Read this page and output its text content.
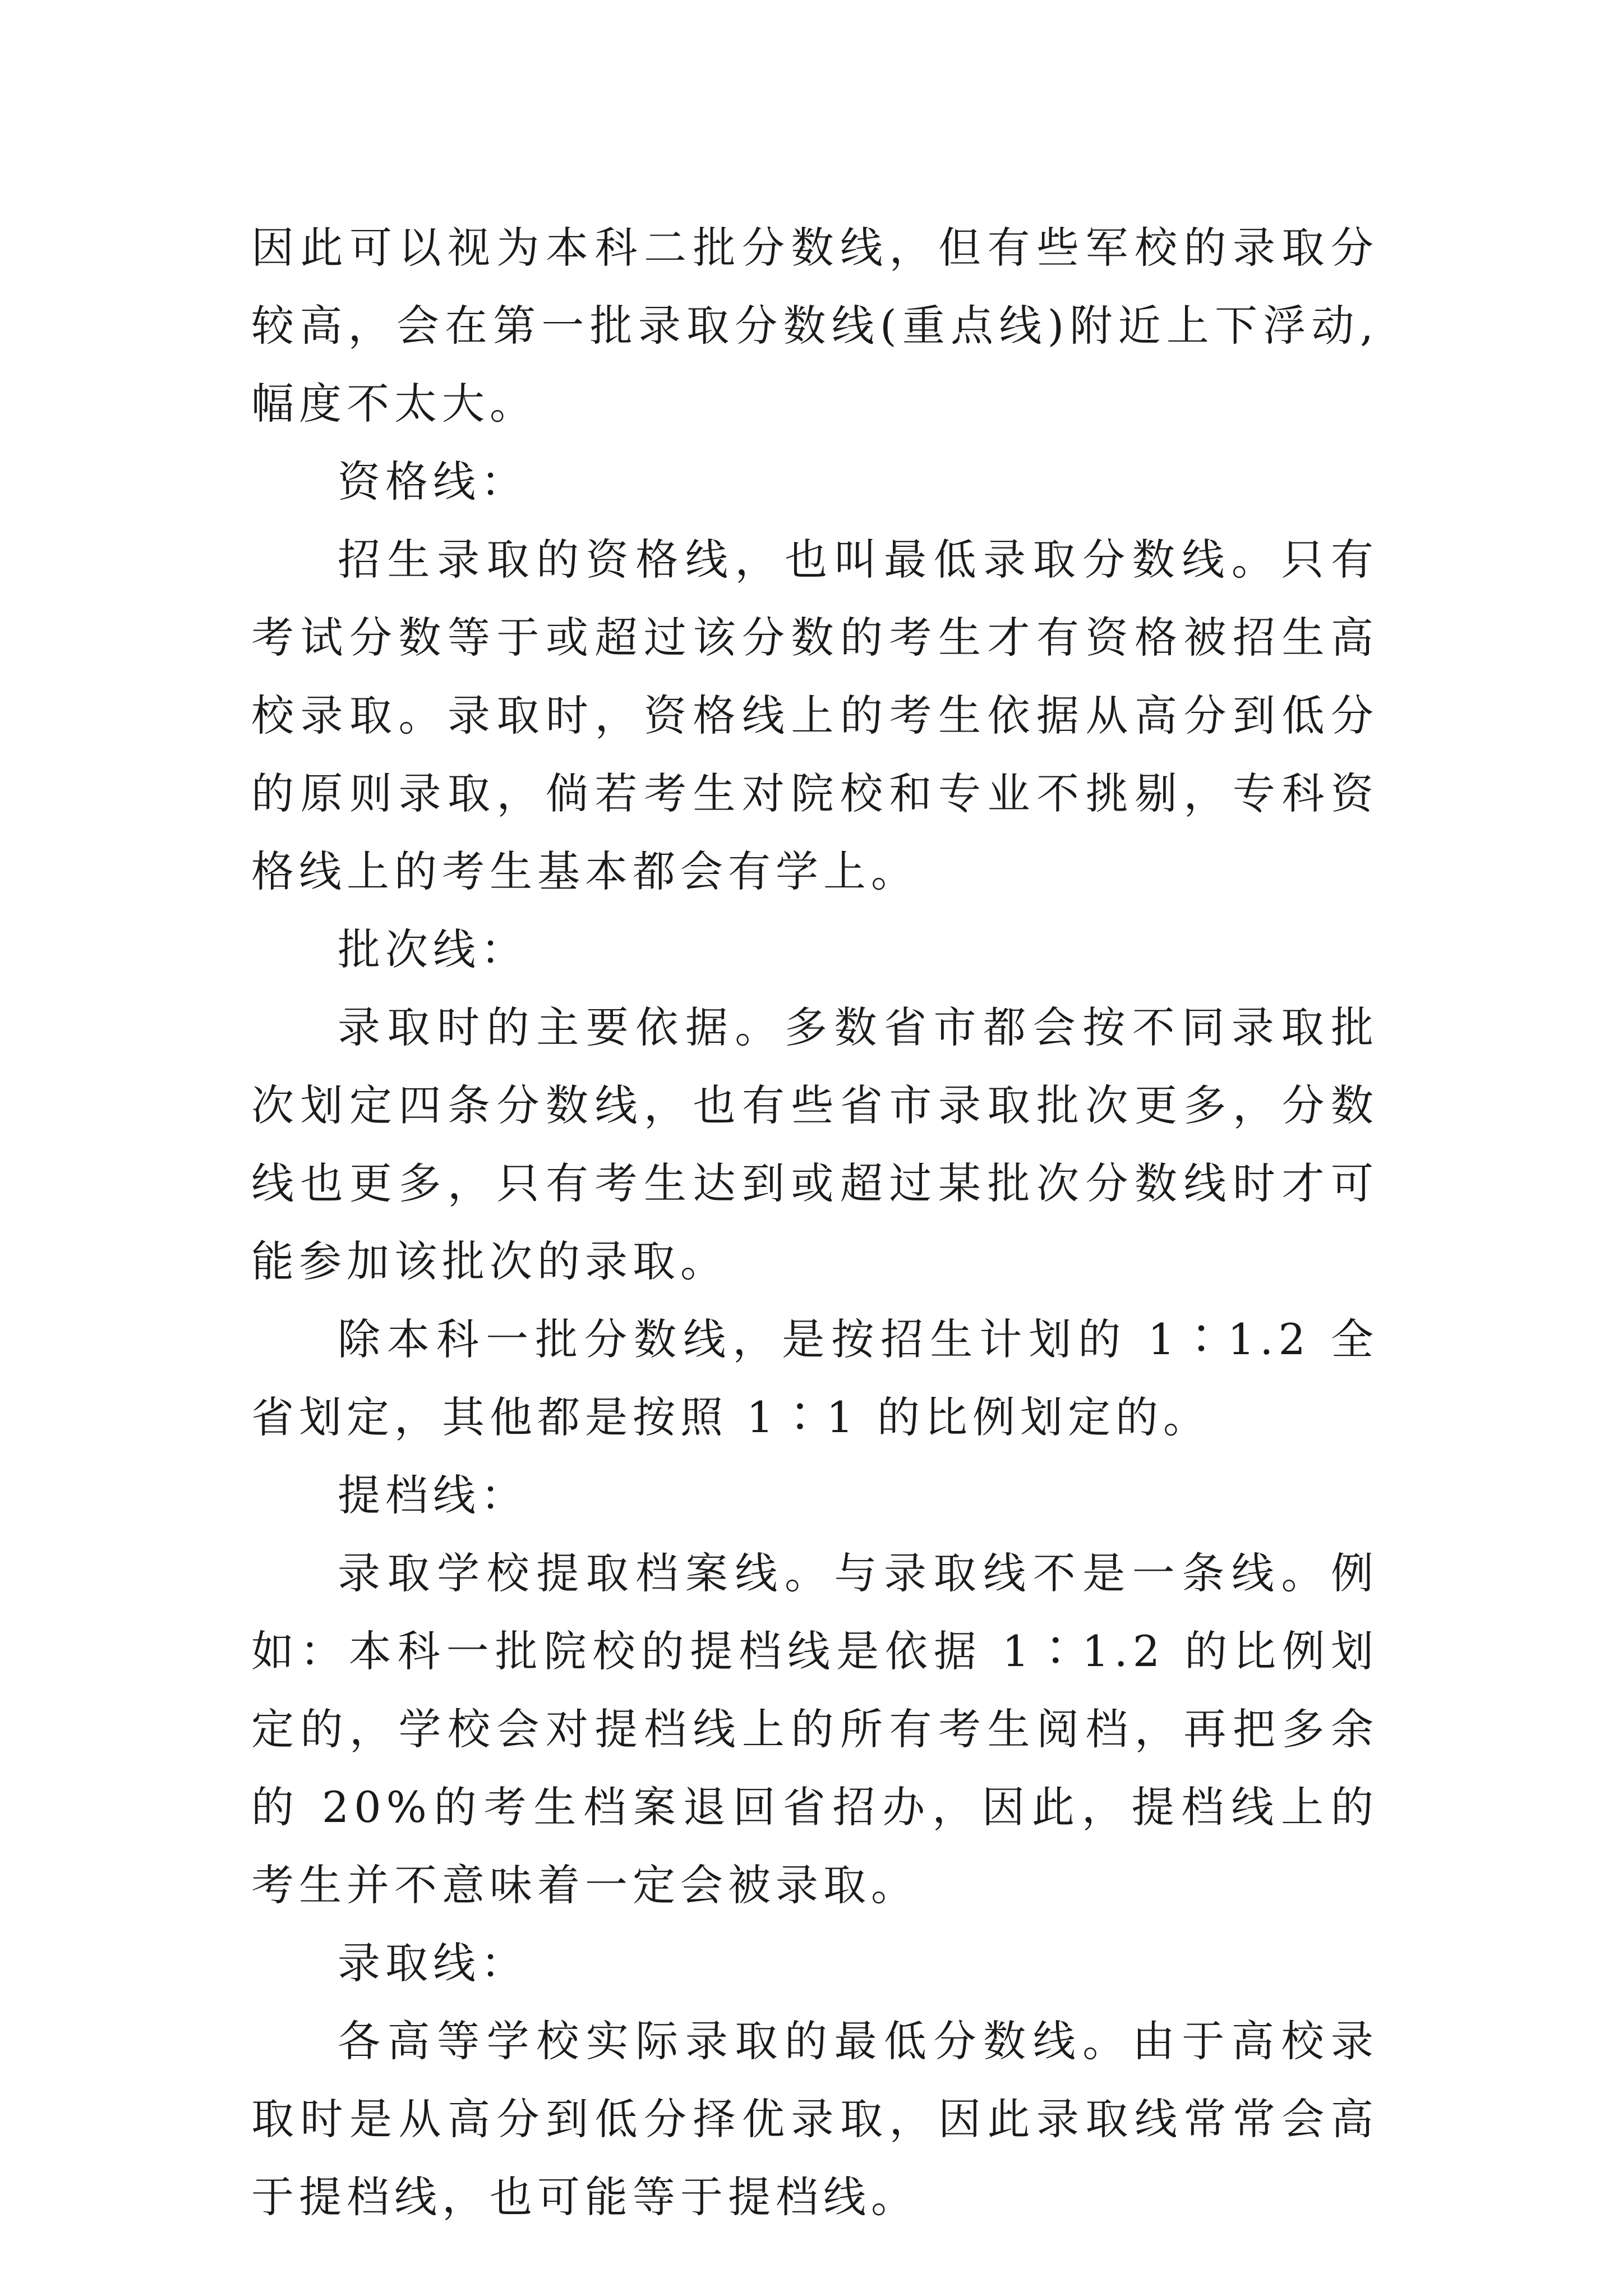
因此可以视为本科二批分数线，但有些军校的录取分较高，会在第一批录取分数线(重点线)附近上下浮动,幅度不太大。

资格线：

招生录取的资格线，也叫最低录取分数线。只有考试分数等于或超过该分数的考生才有资格被招生高校录取。录取时，资格线上的考生依据从高分到低分的原则录取，倘若考生对院校和专业不挑剔，专科资格线上的考生基本都会有学上。

批次线：

录取时的主要依据。多数省市都会按不同录取批次划定四条分数线，也有些省市录取批次更多，分数线也更多，只有考生达到或超过某批次分数线时才可能参加该批次的录取。

除本科一批分数线，是按招生计划的 1∶1.2 全省划定，其他都是按照 1∶1 的比例划定的。

提档线：

录取学校提取档案线。与录取线不是一条线。例如：本科一批院校的提档线是依据 1∶1.2 的比例划定的，学校会对提档线上的所有考生阅档，再把多余的 20%的考生档案退回省招办，因此，提档线上的考生并不意味着一定会被录取。

录取线：

各高等学校实际录取的最低分数线。由于高校录取时是从高分到低分择优录取，因此录取线常常会高于提档线，也可能等于提档线。
